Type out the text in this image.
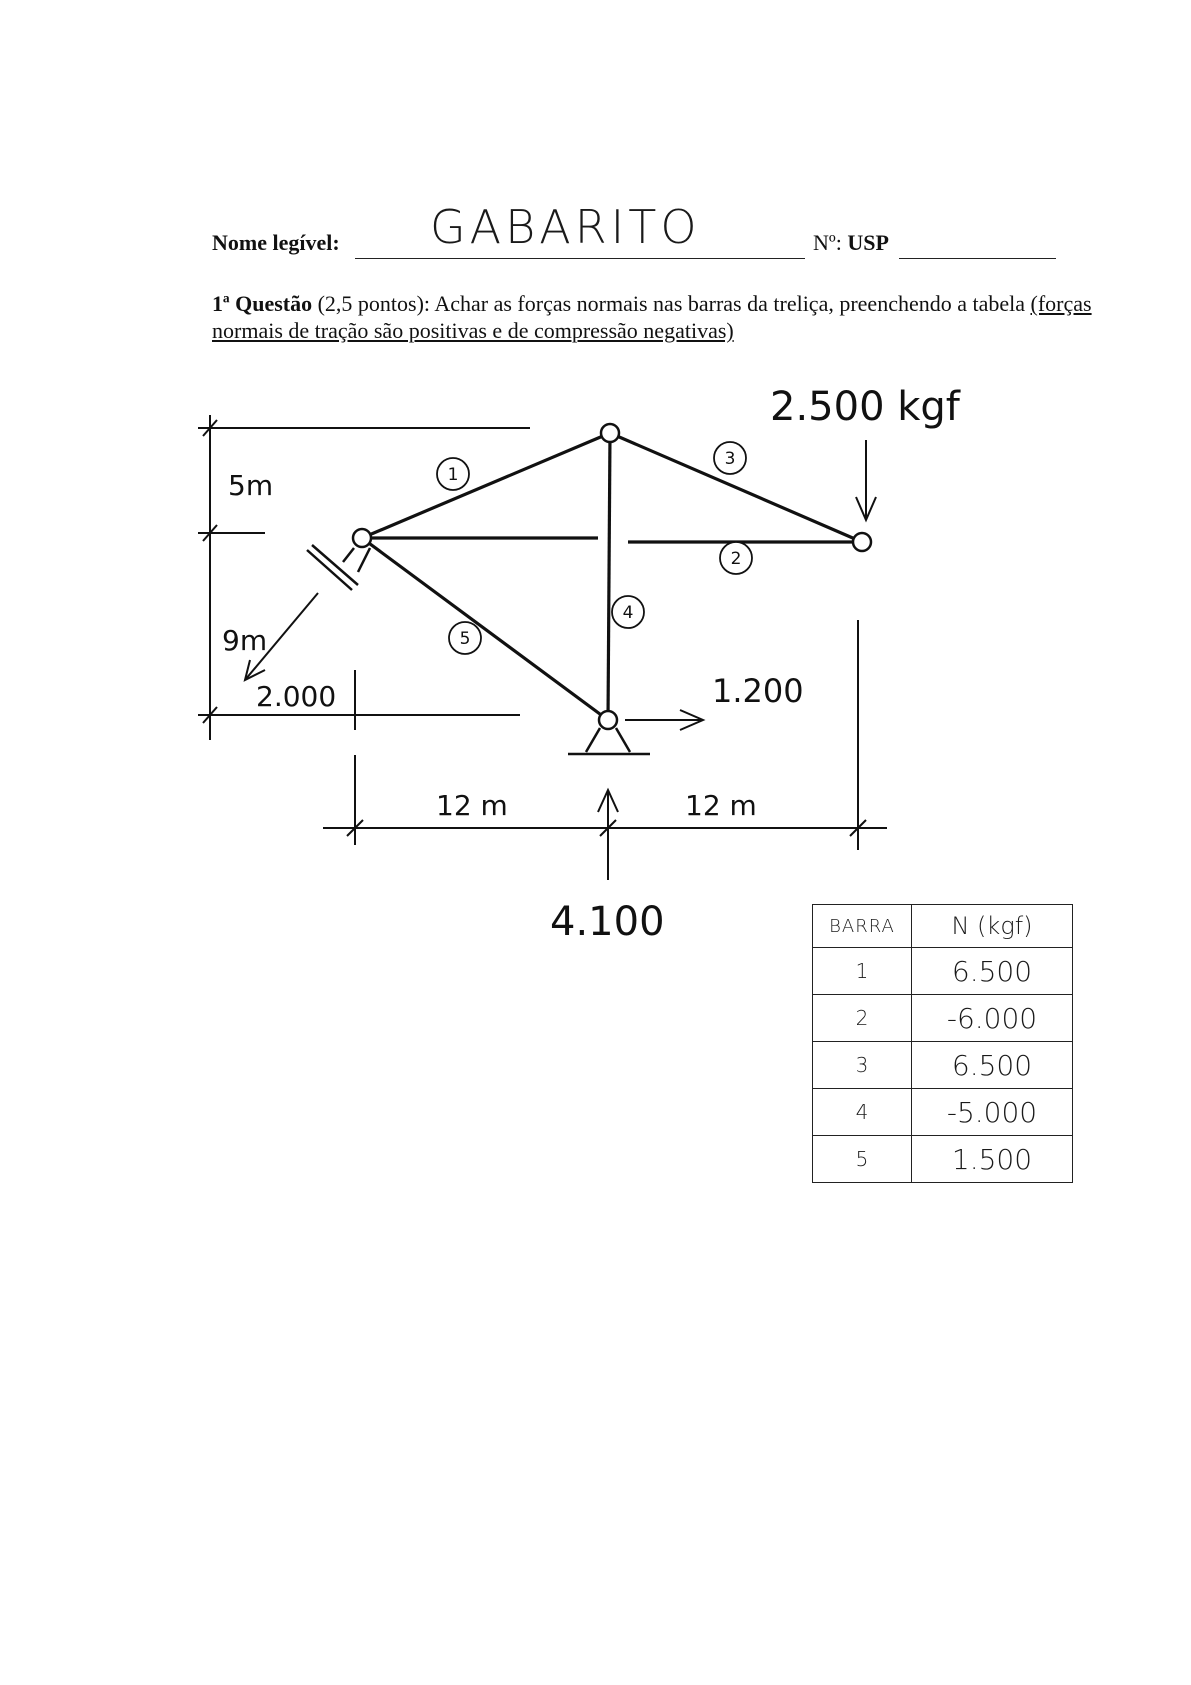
Nome legível: GABARITO	Nº: USP
1ª Questão (2,5 pontos): Achar as forças normais nas barras da treliça, preenchendo a tabela (forças normais de tração são positivas e de compressão negativas)
1
2
3
4
5
2.500 kgf
1.200
2.000
4.100
5m
9m
12 m	12 m
BARRA	N (kgf)
1	6.500
2	-6.000
3	6.500
4	-5.000
5	1.500
